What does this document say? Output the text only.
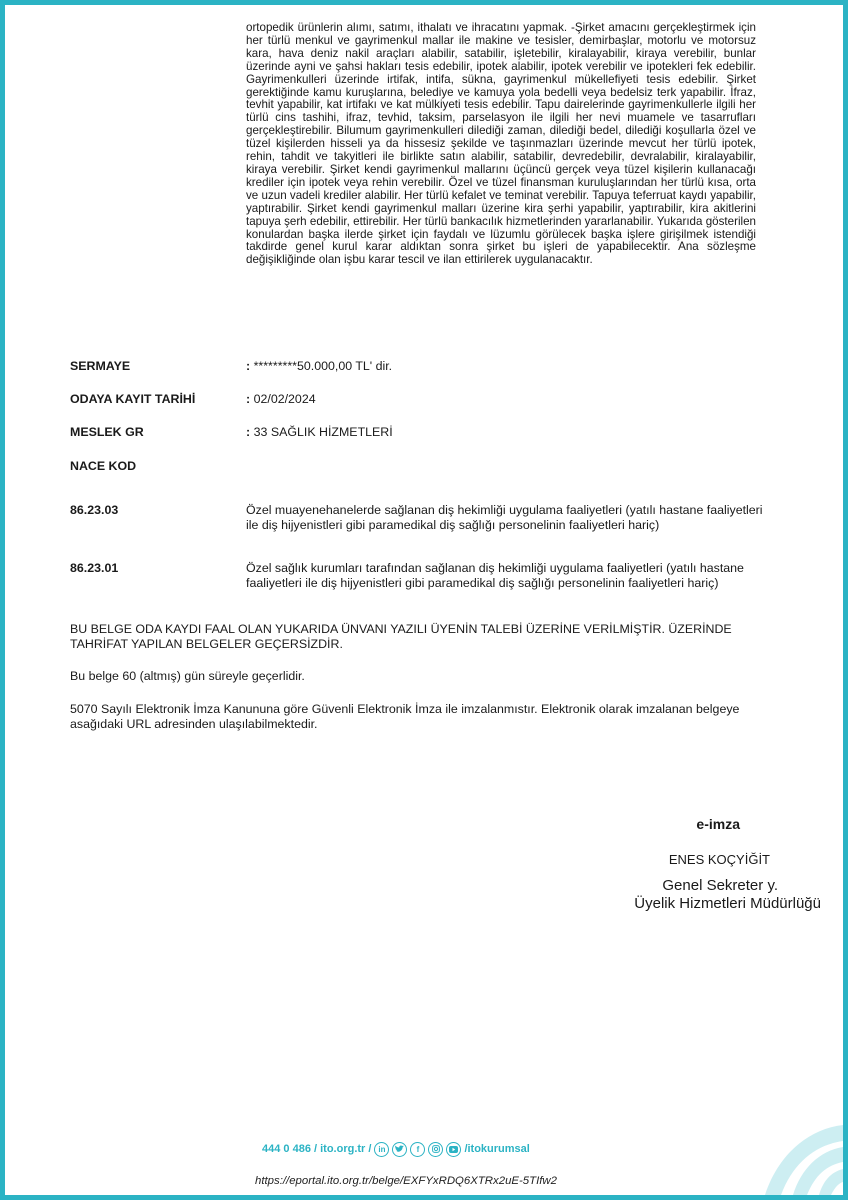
ortopedik ürünlerin alımı, satımı, ithalatı ve ihracatını yapmak. -Şirket amacını gerçekleştirmek için her türlü menkul ve gayrimenkul mallar ile makine ve tesisler, demirbaşlar, motorlu ve motorsuz kara, hava deniz nakil araçları alabilir, satabilir, işletebilir, kiralayabilir, kiraya verebilir, bunlar üzerinde ayni ve şahsi hakları tesis edebilir, ipotek alabilir, ipotek verebilir ve ipotekleri fek edebilir. Gayrimenkulleri üzerinde irtifak, intifa, sükna, gayrimenkul mükellefiyeti tesis edebilir. Şirket gerektiğinde kamu kuruşlarına, belediye ve kamuya yola bedelli veya bedelsiz terk yapabilir. İfraz, tevhit yapabilir, kat irtifakı ve kat mülkiyeti tesis edebilir. Tapu dairelerinde gayrimenkullerle ilgili her türlü cins tashihi, ifraz, tevhid, taksim, parselasyon ile ilgili her nevi muamele ve tasarrufları gerçekleştirebilir. Bilumum gayrimenkulleri dilediği zaman, dilediği bedel, dilediği koşullarla özel ve tüzel kişilerden hisseli ya da hissesiz şekilde ve taşınmazları üzerinde mevcut her türlü ipotek, rehin, tahdit ve takyitleri ile birlikte satın alabilir, satabilir, devredebilir, devralabilir, kiralayabilir, kiraya verebilir. Şirket kendi gayrimenkul mallarını üçüncü gerçek veya tüzel kişilerin kullanacağı krediler için ipotek veya rehin verebilir. Özel ve tüzel finansman kuruluşlarından her türlü kısa, orta ve uzun vadeli krediler alabilir. Her türlü kefalet ve teminat verebilir. Tapuya teferruat kaydı yapabilir, yaptırabilir. Şirket kendi gayrimenkul malları üzerine kira şerhi yapabilir, yaptırabilir, kira akitlerini tapuya şerh edebilir, ettirebilir. Her türlü bankacılık hizmetlerinden yararlanabilir. Yukarıda gösterilen konulardan başka ilerde şirket için faydalı ve lüzumlu görülecek başka işlere girişilmek istendiği takdirde genel kurul karar aldıktan sonra şirket bu işleri de yapabilecektir. Ana sözleşme değişikliğinde olan işbu karar tescil ve ilan ettirilerek uygulanacaktır.

SERMAYE	: *********50.000,00 TL' dir.
ODAYA KAYIT TARİHİ	: 02/02/2024
MESLEK GR	: 33 SAĞLIK HİZMETLERİ
NACE KOD
86.23.03	Özel muayenehanelerde sağlanan diş hekimliği uygulama faaliyetleri (yatılı hastane faaliyetleri ile diş hijyenistleri gibi paramedikal diş sağlığı personelinin faaliyetleri hariç)
86.23.01	Özel sağlık kurumları tarafından sağlanan diş hekimliği uygulama faaliyetleri (yatılı hastane faaliyetleri ile diş hijyenistleri gibi paramedikal diş sağlığı personelinin faaliyetleri hariç)
BU BELGE ODA KAYDI FAAL OLAN YUKARIDA ÜNVANI YAZILI ÜYENİN TALEBİ ÜZERİNE VERİLMİŞTİR. ÜZERİNDE TAHRİFAT YAPILAN BELGELER GEÇERSİZDİR.
Bu belge 60 (altmış) gün süreyle geçerlidir.
5070 Sayılı Elektronik İmza Kanununa göre Güvenli Elektronik İmza ile imzalanmıstır. Elektronik olarak imzalanan belgeye asağıdaki URL adresinden ulaşılabilmektedir.
e-imza
ENES KOÇYİĞİT
Genel Sekreter y.
Üyelik Hizmetleri Müdürlüğü
444 0 486 / ito.org.tr / in	f	/itokurumsal
https://eportal.ito.org.tr/belge/EXFYxRDQ6XTRx2uE-5TIfw2
